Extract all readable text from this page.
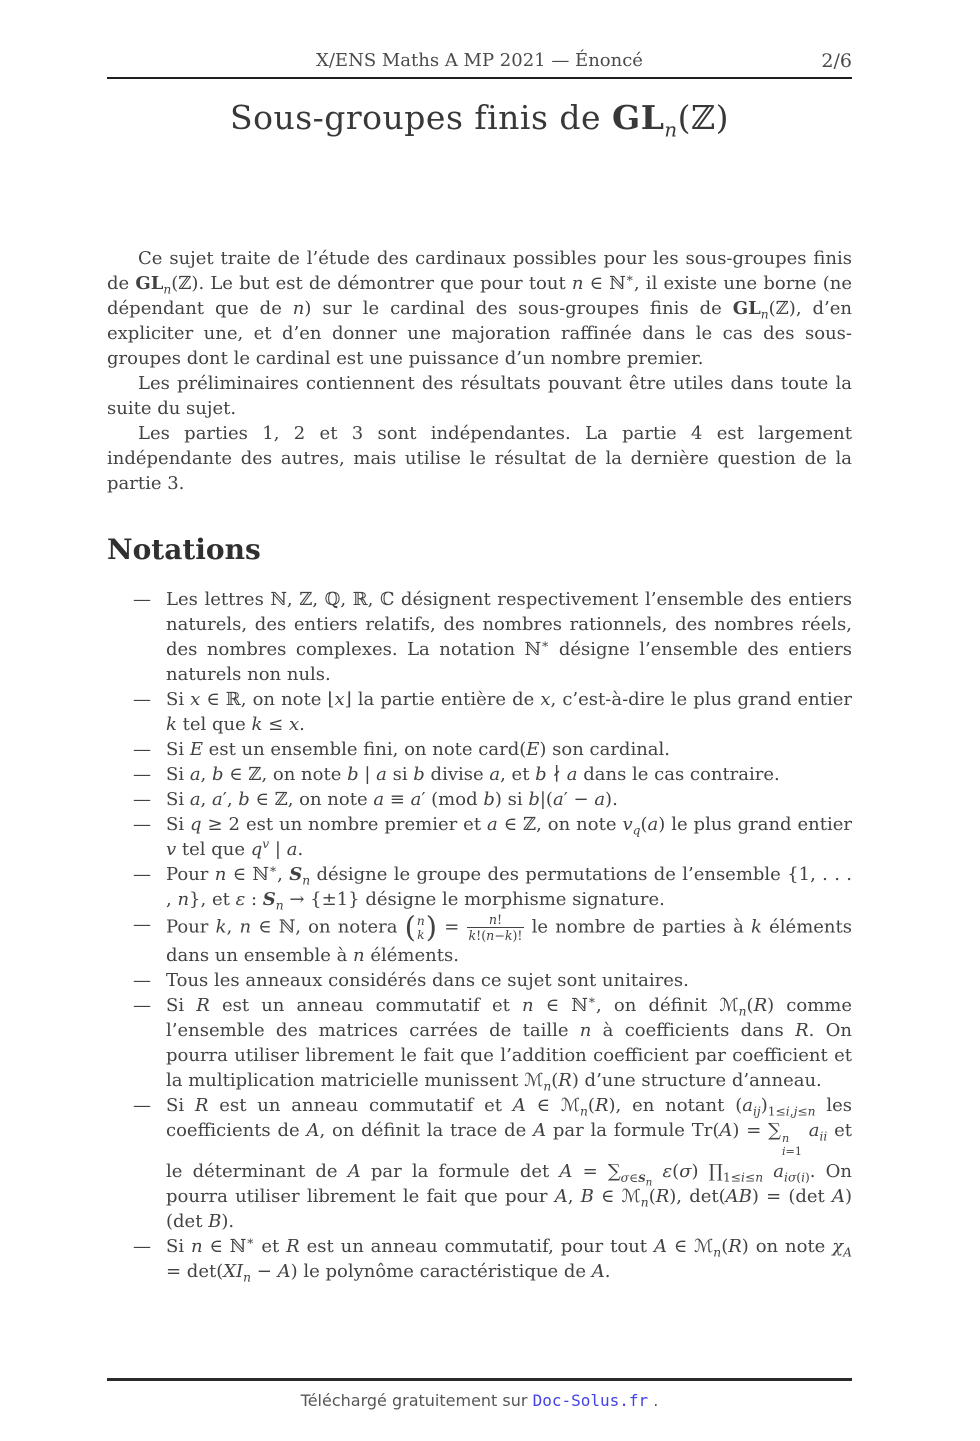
X/ENS Maths A MP 2021 — Énoncé	2/6
Sous-groupes finis de $GL_n(ℤ)$

Ce sujet traite de l’étude des cardinaux possibles pour les sous-groupes finis de $GL_n(ℤ)$. Le but est de démontrer que pour tout n ∈ ℕ∗, il existe une borne (ne dépendant que de n) sur le cardinal des sous-groupes finis de $GL_n(ℤ)$, d’en expliciter une, et d’en donner une majoration raffinée dans le cas des sous-groupes dont le cardinal est une puissance d’un nombre premier.

Les préliminaires contiennent des résultats pouvant être utiles dans toute la suite du sujet.

Les parties 1, 2 et 3 sont indépendantes. La partie 4 est largement indépendante des autres, mais utilise le résultat de la dernière question de la partie 3.

Notations
— Les lettres ℕ, ℤ, ℚ, ℝ, ℂ désignent respectivement l’ensemble des entiers naturels, des entiers relatifs, des nombres rationnels, des nombres réels, des nombres complexes. La notation ℕ∗ désigne l’ensemble des entiers naturels non nuls.
— Si x ∈ ℝ, on note ⌊x⌋ la partie entière de x, c’est-à-dire le plus grand entier k tel que k ≤ x.
— Si E est un ensemble fini, on note card(E) son cardinal.
— Si a, b ∈ ℤ, on note b | a si b divise a, et b ∤ a dans le cas contraire.
— Si a, a′, b ∈ ℤ, on note a ≡ a′ (mod b) si b|(a′ − a).
— Si q ≥ 2 est un nombre premier et a ∈ ℤ, on note $v_q(a)$ le plus grand entier v tel que $q^v$ | a.
— Pour n ∈ ℕ∗, $S_n$ désigne le groupe des permutations de l’ensemble {1, . . . , n}, et ε : $S_n \to \{\pm 1\}$ désigne le morphisme signature.
— Pour k, n ∈ ℕ, on notera ( n
k ) = $\frac{n!}{k!(n-k)!}$ le nombre de parties à k éléments dans un ensemble à n éléments.
— Tous les anneaux considérés dans ce sujet sont unitaires.
— Si R est un anneau commutatif et n ∈ ℕ∗, on définit ℳ$_n$(R) comme l’ensemble des matrices carrées de taille n à coefficients dans R. On pourra utiliser librement le fait que l’addition coefficient par coefficient et la multiplication matricielle munissent ℳ$_n$(R) d’une structure d’anneau.
— Si R est un anneau commutatif et A ∈ ℳ$_n$(R), en notant $(a_{ij})_{1\le i,j\le n}$ les coefficients de A, on définit la trace de A par la formule Tr(A) = ∑ n
i=1
$a_{ii}$ et le déterminant de A par la formule $\det A = \sum_{\sigma\in S_n}$ ε(σ) $\prod_{1\le i\le n}$ $a_{i\sigma(i)}$. On pourra utiliser librement le fait que pour A, B ∈ ℳ$_n$(R), det(AB) = (det A)(det B).
— Si n ∈ ℕ∗ et R est un anneau commutatif, pour tout A ∈ ℳ$_n$(R) on note $\chi_A = \det(XI_n - A)$ le polynôme caractéristique de A.
Téléchargé gratuitement sur Doc-Solus.fr .
